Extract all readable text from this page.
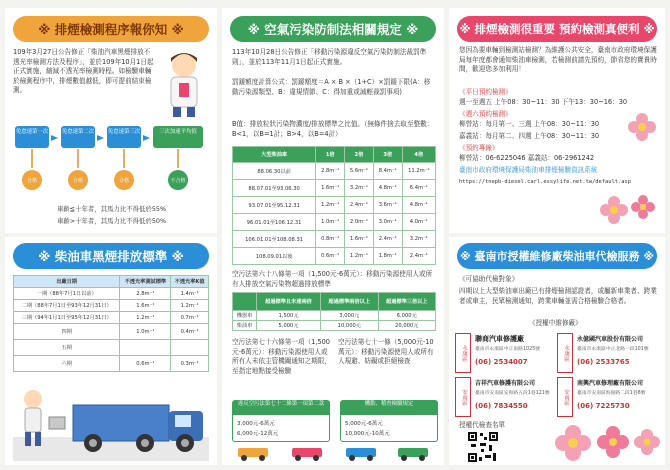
※ 排煙檢測程序報你知 ※
109年3月27日公告修正「柴油汽車黑煙排放不透光率檢測方法及程序」，並於109年10月1日起正式實施，縮減不透光率檢測時程。如檢驗車輛於檢測程序中，排煙數值越低，即可提前結束檢測。
免怠速第一次	免怠速第二次	免怠速第三次	三次加速平均值
合格	合格	合格	不合格
車齡≦十年者，其馬力比不得低於55%
車齡>十年者，其馬力比不得低於50%
※ 柴油車黑煙排放標準 ※
出廠日期	不透光率測試標準	不透光率K值
一期（88年7月1日以前）	2.8m⁻¹	1.4m⁻¹
二期（88年7月1日至93年12月31日）	1.6m⁻¹	1.2m⁻¹
三期（94年1月1日至95年12月31日）	1.2m⁻¹	0.7m⁻¹
四期	1.0m⁻¹	0.4m⁻¹
五期		
六期	0.6m⁻¹	0.3m⁻¹
※ 空氣污染防制法相關規定 ※
113年10月28日公告修正「移動污染源違反空氣污染防制法裁罰準則」，並於113年11月1日起正式實施。
罰鍰額度計算公式：罰鍰額度＝A × B ×（1+C）×罰鍰下限(A：移動污染源類型、B：違規情節、C：得加重或減輕裁罰事項)
B值：排放粒狀污染物濃度/排放標準之比值。（無條件捨去取至整數：B<1，以B=1計；B>4，以B=4計）
大型柴油車	1倍	2倍	3倍	4倍
88.06.30以前	2.8m⁻¹	5.6m⁻¹	8.4m⁻¹	11.2m⁻¹
88.07.01至93.06.30	1.6m⁻¹	3.2m⁻¹	4.8m⁻¹	6.4m⁻¹
93.07.01至95.12.31	1.2m⁻¹	2.4m⁻¹	3.6m⁻¹	4.8m⁻¹
96.01.01至106.12.31	1.0m⁻¹	2.0m⁻¹	3.0m⁻¹	4.0m⁻¹
106.01.01至108.08.31	0.8m⁻¹	1.6m⁻¹	2.4m⁻¹	3.2m⁻¹
108.09.01以後	0.6m⁻¹	1.2m⁻¹	1.8m⁻¹	2.4m⁻¹
空污法第六十八條第一項（1,500元-6萬元）：移動污染源使用人或所有人排放空氣污染物超過排放標準
	超過標準且未達兩倍	超過標準兩倍以上	超過標準三倍以上
機器車	1,500元	3,000元	6,000元
柴油車	5,000元	10,000元	20,000元
空污法第七十六條第一項（1,500元-6萬元）：移動污染源使用人或所有人未依主管機關通知之期限，至指定地點接受檢驗
空污法第七十一條（5,000元-10萬元）：移動污染源使用人或所有人規避、妨礙或拒絕檢查
違反空污法第七十二條第一項第二款
3,000元-6萬元
6,000元-12萬元
機動、稽查檢驗規定
5,000元-6萬元
10,000元-10萬元
※ 排煙檢測很重要 預約檢測真便利 ※
您因為要車輛到檢測站檢測？為維護公共安全，臺南市政府環境保護局每年度都會通知柴油車檢測，若檢測前請先預約，節省您的寶貴時間，歡迎您多加利用！
《平日預約檢測》
週一至週五 上午08：30~11：30 下午13：30~16：30
《週六預約檢測》
柳營站：每月第一、三週 上午08：30~11：30
嘉義站：每月第二、四週 上午08：30~11：30
《預約專線》
柳營站：06-6225046 嘉義站：06-2961242
臺南市政府環境保護局柴油車排煙檢驗資訊系統
https://tnepb-diesel.carl.essylife.net.tw/default.asp
※ 臺南市授權維修廠柴油車代檢服務 ※
《可協助代檢對象》
四期以上大型柴油車出廠已有排煙檢測認證者，或屬新車業者、跨業者或車主，民眾檢測通知，跨業車輛並需合格檢驗合格者。
《授權中維修廠》
永康區
聯商汽車修護廠
臺南市永康區中正南路1025號
(06) 2534007
永康區
永億國汽車股份有限公司
臺南市永康區中正北路一段101號
(06) 2533765
安南區
吉祥汽車修護有限公司
臺南市安南區安和路五段1巷121號
(06) 7834550
安南區
南興汽車修理廠有限公司
臺南市安南區海佃路二段1巷8號
(06) 7225730
授權代檢查名單
